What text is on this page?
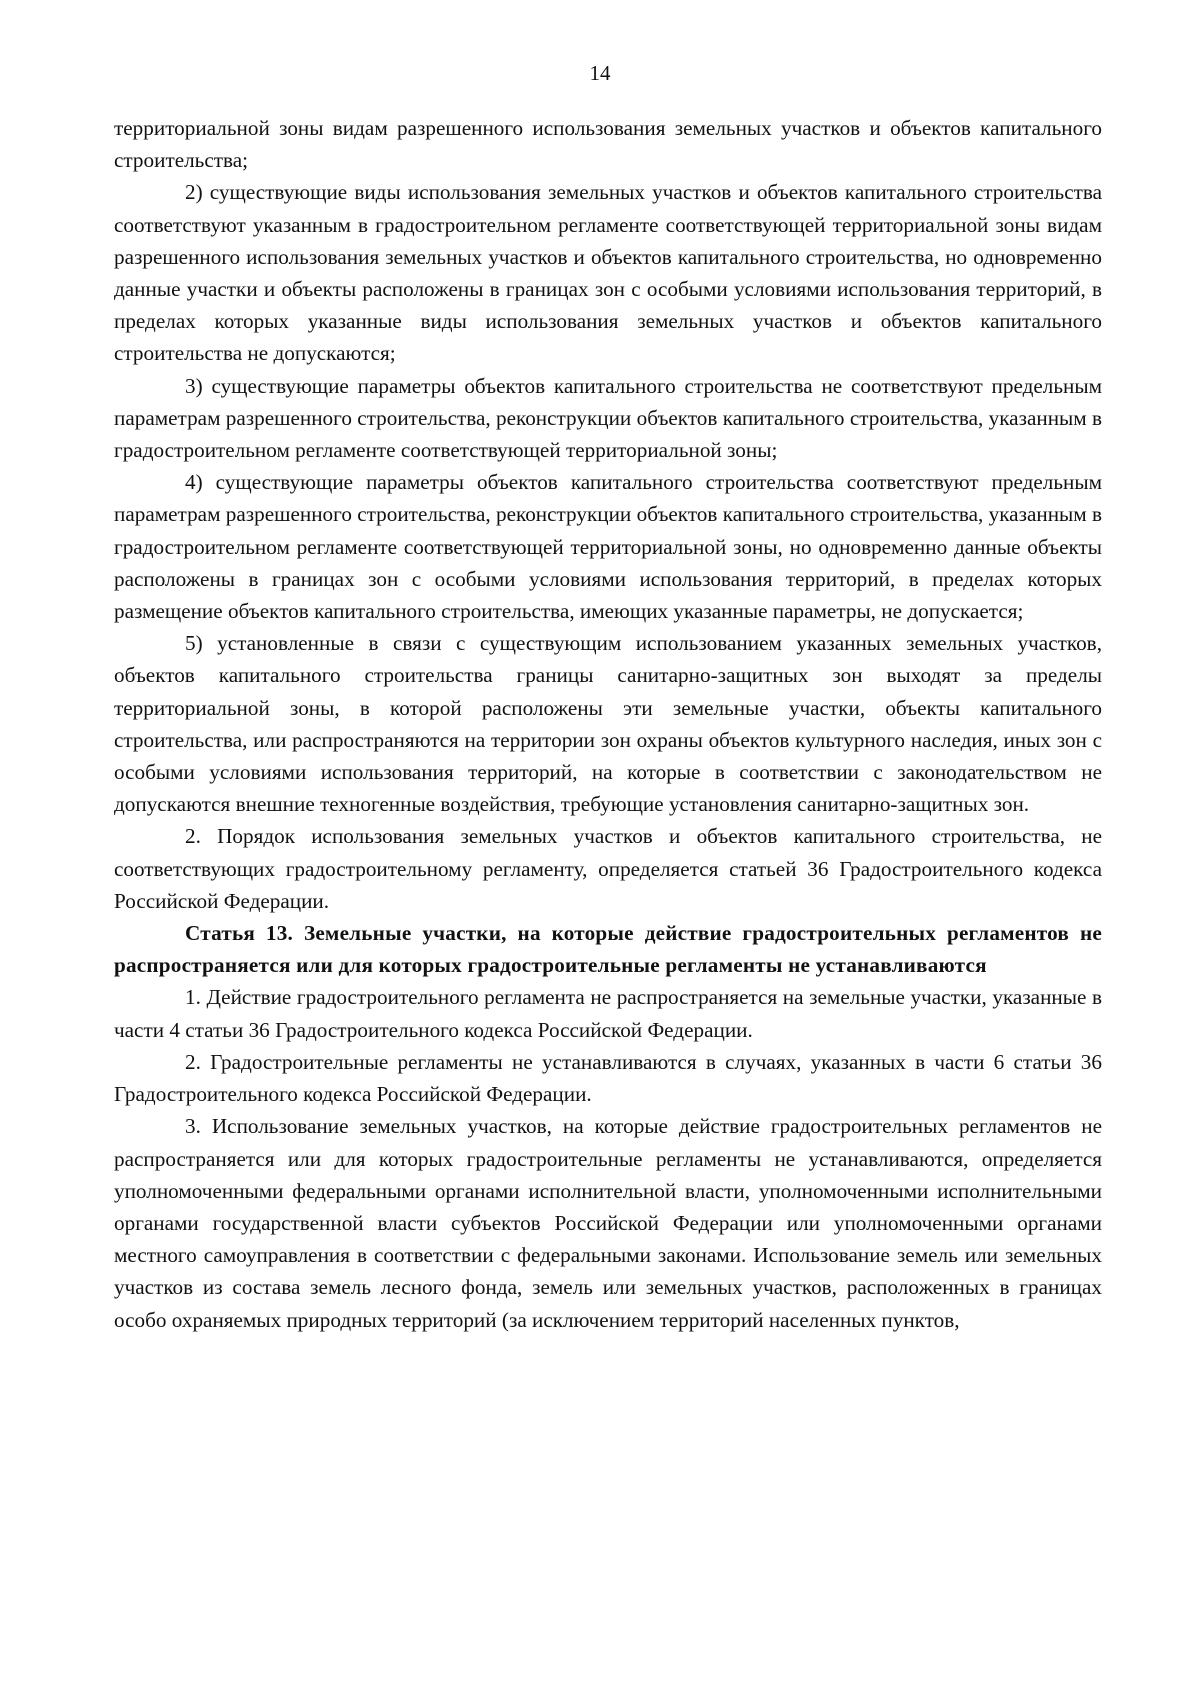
14

территориальной зоны видам разрешенного использования земельных участков и объектов капитального строительства;

2) существующие виды использования земельных участков и объектов капитального строительства соответствуют указанным в градостроительном регламенте соответствующей территориальной зоны видам разрешенного использования земельных участков и объектов капитального строительства, но одновременно данные участки и объекты расположены в границах зон с особыми условиями использования территорий, в пределах которых указанные виды использования земельных участков и объектов капитального строительства не допускаются;

3) существующие параметры объектов капитального строительства не соответствуют предельным параметрам разрешенного строительства, реконструкции объектов капитального строительства, указанным в градостроительном регламенте соответствующей территориальной зоны;

4) существующие параметры объектов капитального строительства соответствуют предельным параметрам разрешенного строительства, реконструкции объектов капитального строительства, указанным в градостроительном регламенте соответствующей территориальной зоны, но одновременно данные объекты расположены в границах зон с особыми условиями использования территорий, в пределах которых размещение объектов капитального строительства, имеющих указанные параметры, не допускается;

5) установленные в связи с существующим использованием указанных земельных участков, объектов капитального строительства границы санитарно-защитных зон выходят за пределы территориальной зоны, в которой расположены эти земельные участки, объекты капитального строительства, или распространяются на территории зон охраны объектов культурного наследия, иных зон с особыми условиями использования территорий, на которые в соответствии с законодательством не допускаются внешние техногенные воздействия, требующие установления санитарно-защитных зон.

2. Порядок использования земельных участков и объектов капитального строительства, не соответствующих градостроительному регламенту, определяется статьей 36 Градостроительного кодекса Российской Федерации.

Статья 13. Земельные участки, на которые действие градостроительных регламентов не распространяется или для которых градостроительные регламенты не устанавливаются

1. Действие градостроительного регламента не распространяется на земельные участки, указанные в части 4 статьи 36 Градостроительного кодекса Российской Федерации.

2. Градостроительные регламенты не устанавливаются в случаях, указанных в части 6 статьи 36 Градостроительного кодекса Российской Федерации.

3. Использование земельных участков, на которые действие градостроительных регламентов не распространяется или для которых градостроительные регламенты не устанавливаются, определяется уполномоченными федеральными органами исполнительной власти, уполномоченными исполнительными органами государственной власти субъектов Российской Федерации или уполномоченными органами местного самоуправления в соответствии с федеральными законами. Использование земель или земельных участков из состава земель лесного фонда, земель или земельных участков, расположенных в границах особо охраняемых природных территорий (за исключением территорий населенных пунктов,
